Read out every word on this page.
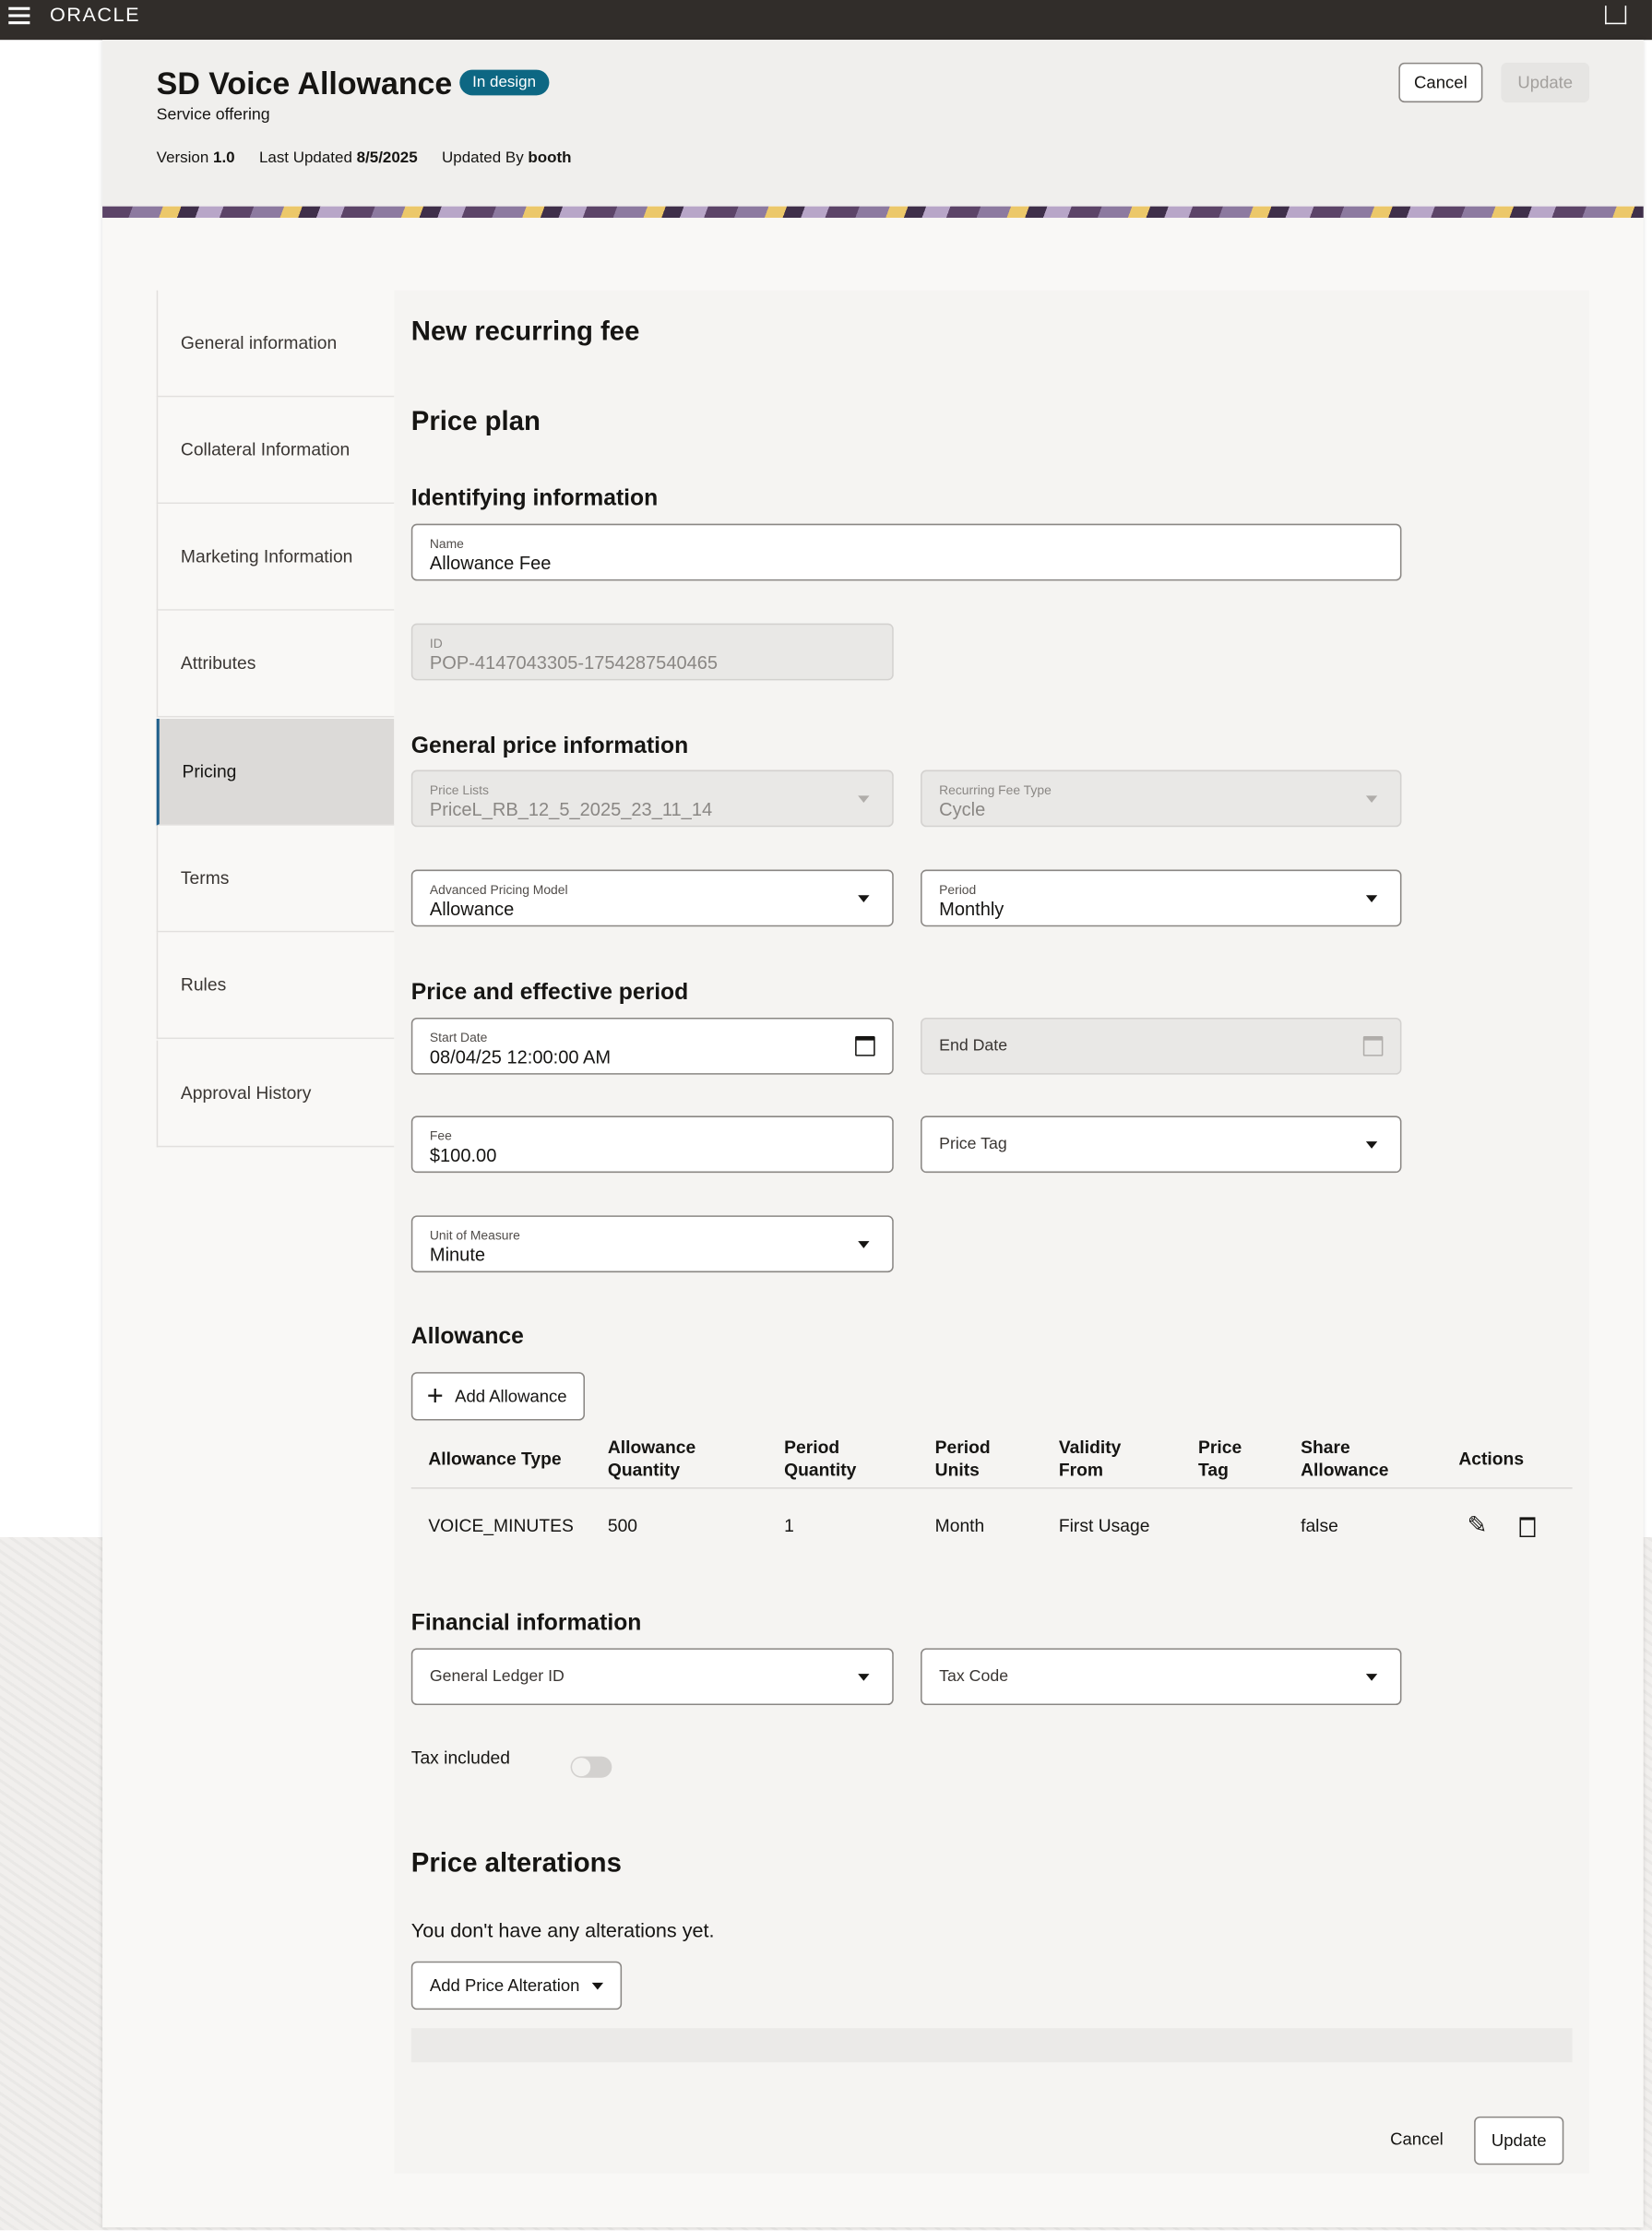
ORACLE
SD Voice Allowance	In design
Service offering
Version 1.0 Last Updated 8/5/2025 Updated By booth
Cancel	Update
General information
Collateral Information
Marketing Information
Attributes
Pricing
Terms
Rules
Approval History
New recurring fee
Price plan
Identifying information
Name
Allowance Fee
ID
POP-4147043305-1754287540465
General price information
Price Lists
PriceL_RB_12_5_2025_23_11_14
Recurring Fee Type
Cycle
Advanced Pricing Model
Allowance
Period
Monthly
Price and effective period
Start Date
08/04/25 12:00:00 AM	End Date
Fee
$100.00
Price Tag
Unit of Measure
Minute
Allowance
+ Add Allowance
Allowance Type	Allowance Quantity	Period Quantity	Period Units	Validity From	Price Tag	Share Allowance	Actions
VOICE_MINUTES	500	1	Month	First Usage		false	✎
Financial information
General Ledger ID	Tax Code
Tax included
Price alterations
You don't have any alterations yet.
Add Price Alteration
Cancel	Update
